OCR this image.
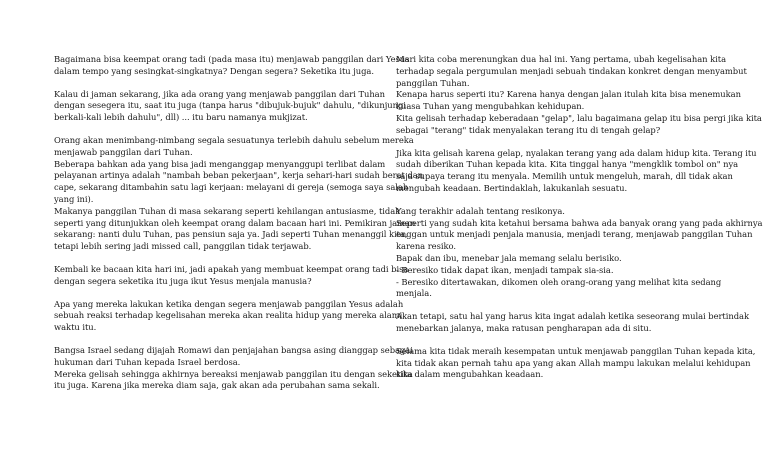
Bagaimana bisa keempat orang tadi (pada masa itu) menjawab panggilan dari Yesus
dalam tempo yang sesingkat-singkatnya? Dengan segera? Seketika itu juga.
Kalau di jaman sekarang, jika ada orang yang menjawab panggilan dari Tuhan
dengan sesegera itu, saat itu juga (tanpa harus "dibujuk-bujuk" dahulu, "dikunjungi
berkali-kali lebih dahulu", dll) ... itu baru namanya mukjizat.
Orang akan menimbang-nimbang segala sesuatunya terlebih dahulu sebelum mereka
menjawab panggilan dari Tuhan.
Beberapa bahkan ada yang bisa jadi menganggap menyanggupi terlibat dalam
pelayanan artinya adalah "nambah beban pekerjaan", kerja sehari-hari sudah berat dan
cape, sekarang ditambahin satu lagi kerjaan: melayani di gereja (semoga saya salah
yang ini).
Makanya panggilan Tuhan di masa sekarang seperti kehilangan antusiasme, tidak
seperti yang ditunjukkan oleh keempat orang dalam bacaan hari ini. Pemikiran jaman
sekarang: nanti dulu Tuhan, pas pensiun saja ya. Jadi seperti Tuhan menanggil kita,
tetapi lebih sering jadi missed call, panggilan tidak terjawab.
Kembali ke bacaan kita hari ini, jadi apakah yang membuat keempat orang tadi bisa
dengan segera seketika itu juga ikut Yesus menjala manusia?
Apa yang mereka lakukan ketika dengan segera menjawab panggilan Yesus adalah
sebuah reaksi terhadap kegelisahan mereka akan realita hidup yang mereka alami
waktu itu.
Bangsa Israel sedang dijajah Romawi dan penjajahan bangsa asing dianggap sebagai
hukuman dari Tuhan kepada Israel berdosa.
Mereka gelisah sehingga akhirnya bereaksi menjawab panggilan itu dengan seketika
itu juga. Karena jika mereka diam saja, gak akan ada perubahan sama sekali.
Mari kita coba merenungkan dua hal ini. Yang pertama, ubah kegelisahan kita
terhadap segala pergumulan menjadi sebuah tindakan konkret dengan menyambut
panggilan Tuhan.
Kenapa harus seperti itu? Karena hanya dengan jalan itulah kita bisa menemukan
kuasa Tuhan yang mengubahkan kehidupan.
Kita gelisah terhadap keberadaan "gelap", lalu bagaimana gelap itu bisa pergi jika kita
sebagai "terang" tidak menyalakan terang itu di tengah gelap?
Jika kita gelisah karena gelap, nyalakan terang yang ada dalam hidup kita. Terang itu
sudah diberikan Tuhan kepada kita. Kita tinggal hanya "mengklik tombol on" nya
saja supaya terang itu menyala. Memilih untuk mengeluh, marah, dll tidak akan
mengubah keadaan. Bertindaklah, lakukanlah sesuatu.
Yang terakhir adalah tentang resikonya.
Seperti yang sudah kita ketahui bersama bahwa ada banyak orang yang pada akhirnya
enggan untuk menjadi penjala manusia, menjadi terang, menjawab panggilan Tuhan
karena resiko.
Bapak dan ibu, menebar jala memang selalu berisiko.
- Beresiko tidak dapat ikan, menjadi tampak sia-sia.
- Beresiko ditertawakan, dikomen oleh orang-orang yang melihat kita sedang
menjala.
Akan tetapi, satu hal yang harus kita ingat adalah ketika seseorang mulai bertindak
menebarkan jalanya, maka ratusan pengharapan ada di situ.
Selama kita tidak meraih kesempatan untuk menjawab panggilan Tuhan kepada kita,
kita tidak akan pernah tahu apa yang akan Allah mampu lakukan melalui kehidupan
kita dalam mengubahkan keadaan.
